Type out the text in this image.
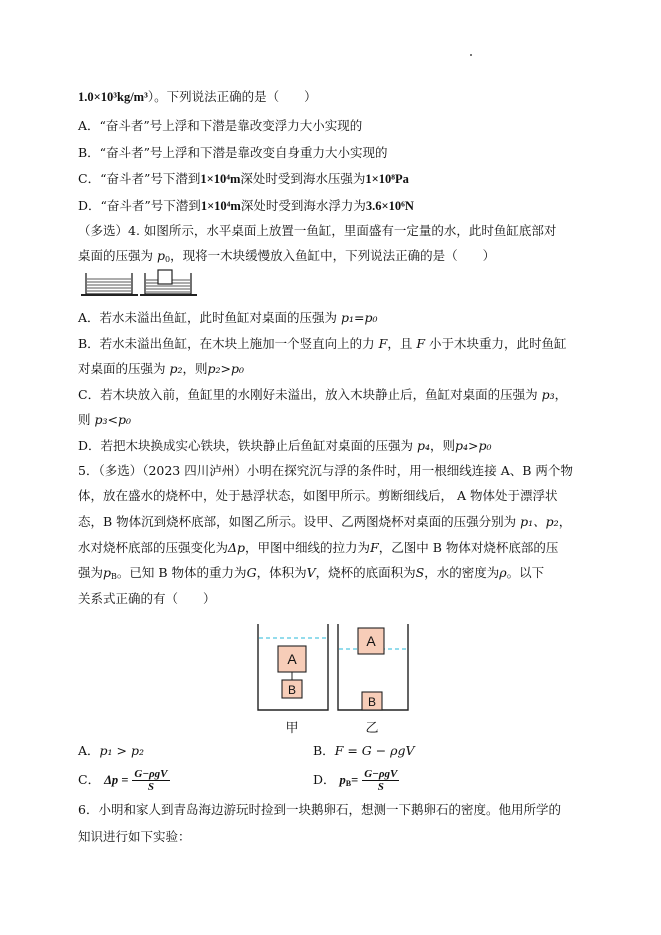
1.0×10³kg/m³）。下列说法正确的是（　　）
A．“奋斗者”号上浮和下潜是靠改变浮力大小实现的
B．“奋斗者”号上浮和下潜是靠改变自身重力大小实现的
C．“奋斗者”号下潜到1×10⁴m深处时受到海水压强为1×10⁸Pa
D．“奋斗者”号下潜到1×10⁴m深处时受到海水浮力为3.6×10⁶N
（多选）4. 如图所示，水平桌面上放置一鱼缸，里面盛有一定量的水，此时鱼缸底部对
桌面的压强为 $p_0$，现将一木块缓慢放入鱼缸中，下列说法正确的是（　　）
A．若水未溢出鱼缸，此时鱼缸对桌面的压强为 p₁=p₀
B．若水未溢出鱼缸，在木块上施加一个竖直向上的力 F，且 F 小于木块重力，此时鱼缸
对桌面的压强为 p₂，则p₂>p₀
C．若木块放入前，鱼缸里的水刚好未溢出，放入木块静止后，鱼缸对桌面的压强为 p₃，
则 p₃<p₀
D．若把木块换成实心铁块，铁块静止后鱼缸对桌面的压强为 p₄，则p₄>p₀
5．（多选）（2023 四川泸州）小明在探究沉与浮的条件时，用一根细线连接 A、B 两个物
体，放在盛水的烧杯中，处于悬浮状态，如图甲所示。剪断细线后， A 物体处于漂浮状
态，B 物体沉到烧杯底部，如图乙所示。设甲、乙两图烧杯对桌面的压强分别为 p₁、p₂，
水对烧杯底部的压强变化为Δp，甲图中细线的拉力为F，乙图中 B 物体对烧杯底部的压
强为$p_B$。已知 B 物体的重力为G，体积为V，烧杯的底面积为S，水的密度为ρ。以下
关系式正确的有（　　）
A
B
甲
A
B
乙
A．p₁ > p₂	B．F = G − ρgV
C． $\Delta p = \frac{\text{G−ρgV}}{S}$	D． $p_B= \frac{\text{G−ρgV}}{S}$
6．小明和家人到青岛海边游玩时捡到一块鹅卵石，想测一下鹅卵石的密度。他用所学的
知识进行如下实验：
